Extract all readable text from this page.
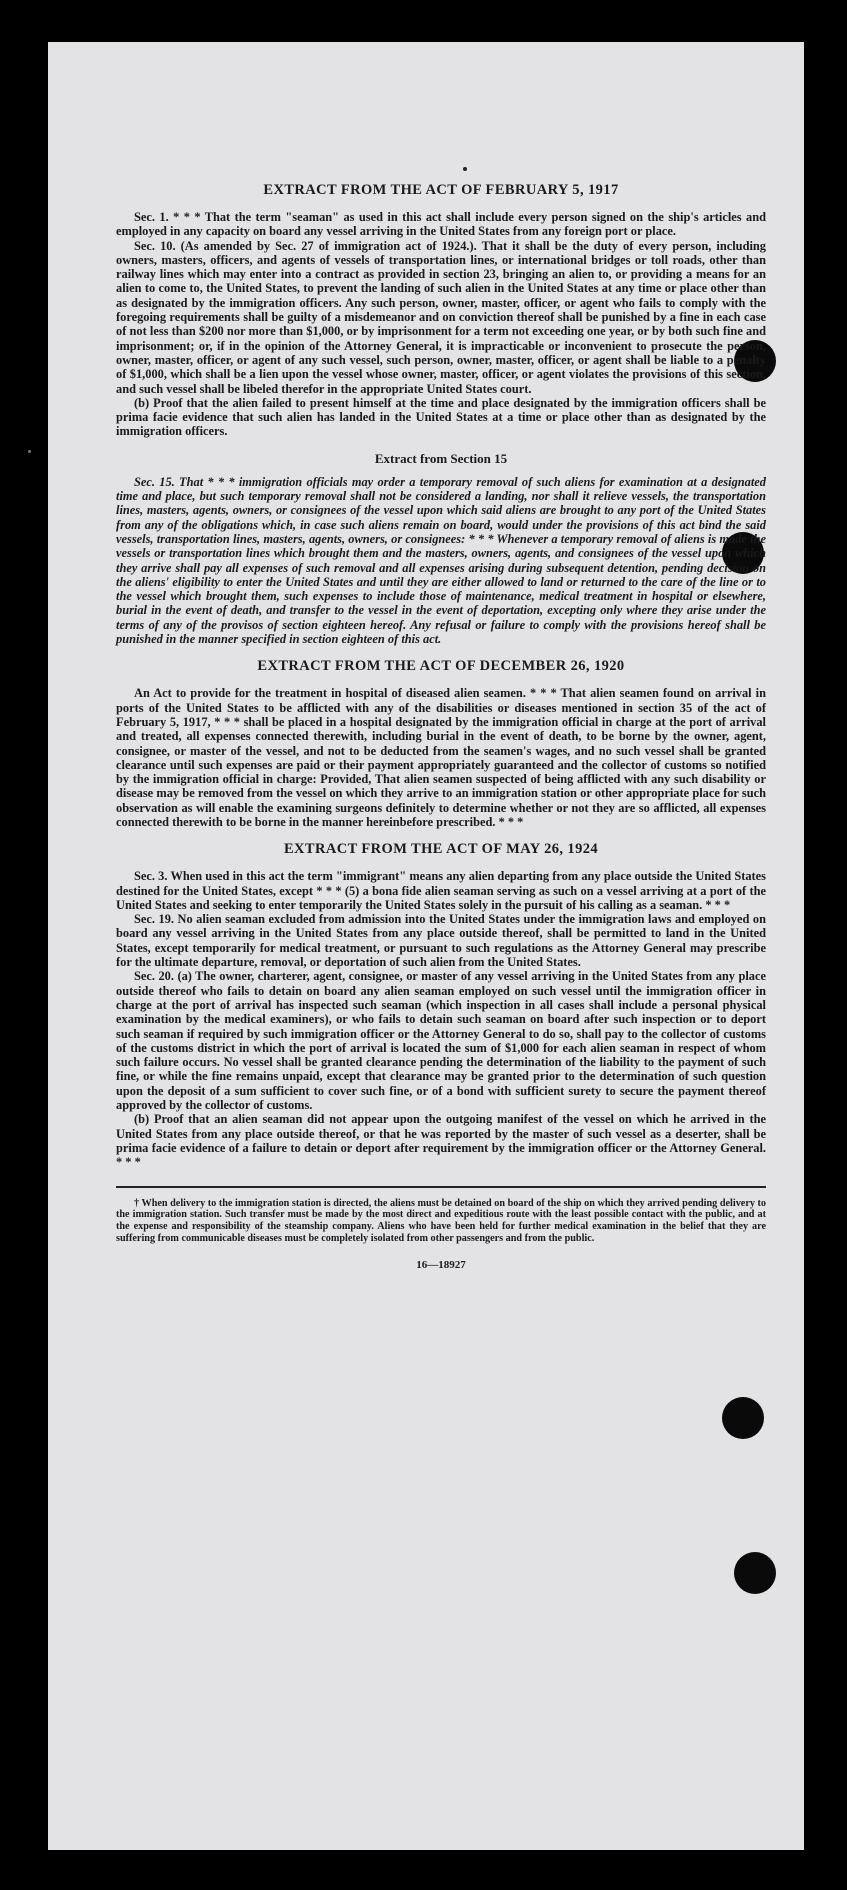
EXTRACT FROM THE ACT OF FEBRUARY 5, 1917

Sec. 1. * * * That the term "seaman" as used in this act shall include every person signed on the ship's articles and employed in any capacity on board any vessel arriving in the United States from any foreign port or place.

Sec. 10. (As amended by Sec. 27 of immigration act of 1924.). That it shall be the duty of every person, including owners, masters, officers, and agents of vessels of transportation lines, or international bridges or toll roads, other than railway lines which may enter into a contract as provided in section 23, bringing an alien to, or providing a means for an alien to come to, the United States, to prevent the landing of such alien in the United States at any time or place other than as designated by the immigration officers. Any such person, owner, master, officer, or agent who fails to comply with the foregoing requirements shall be guilty of a misdemeanor and on conviction thereof shall be punished by a fine in each case of not less than $200 nor more than $1,000, or by imprisonment for a term not exceeding one year, or by both such fine and imprisonment; or, if in the opinion of the Attorney General, it is impracticable or inconvenient to prosecute the person, owner, master, officer, or agent of any such vessel, such person, owner, master, officer, or agent shall be liable to a penalty of $1,000, which shall be a lien upon the vessel whose owner, master, officer, or agent violates the provisions of this section, and such vessel shall be libeled therefor in the appropriate United States court.

(b) Proof that the alien failed to present himself at the time and place designated by the immigration officers shall be prima facie evidence that such alien has landed in the United States at a time or place other than as designated by the immigration officers.

Extract from Section 15

Sec. 15. That * * * immigration officials may order a temporary removal of such aliens for examination at a designated time and place, but such temporary removal shall not be considered a landing, nor shall it relieve vessels, the transportation lines, masters, agents, owners, or consignees of the vessel upon which said aliens are brought to any port of the United States from any of the obligations which, in case such aliens remain on board, would under the provisions of this act bind the said vessels, transportation lines, masters, agents, owners, or consignees: * * * Whenever a temporary removal of aliens is made the vessels or transportation lines which brought them and the masters, owners, agents, and consignees of the vessel upon which they arrive shall pay all expenses of such removal and all expenses arising during subsequent detention, pending decision on the aliens' eligibility to enter the United States and until they are either allowed to land or returned to the care of the line or to the vessel which brought them, such expenses to include those of maintenance, medical treatment in hospital or elsewhere, burial in the event of death, and transfer to the vessel in the event of deportation, excepting only where they arise under the terms of any of the provisos of section eighteen hereof. Any refusal or failure to comply with the provisions hereof shall be punished in the manner specified in section eighteen of this act.

EXTRACT FROM THE ACT OF DECEMBER 26, 1920

An Act to provide for the treatment in hospital of diseased alien seamen. * * * That alien seamen found on arrival in ports of the United States to be afflicted with any of the disabilities or diseases mentioned in section 35 of the act of February 5, 1917, * * * shall be placed in a hospital designated by the immigration official in charge at the port of arrival and treated, all expenses connected therewith, including burial in the event of death, to be borne by the owner, agent, consignee, or master of the vessel, and not to be deducted from the seamen's wages, and no such vessel shall be granted clearance until such expenses are paid or their payment appropriately guaranteed and the collector of customs so notified by the immigration official in charge: Provided, That alien seamen suspected of being afflicted with any such disability or disease may be removed from the vessel on which they arrive to an immigration station or other appropriate place for such observation as will enable the examining surgeons definitely to determine whether or not they are so afflicted, all expenses connected therewith to be borne in the manner hereinbefore prescribed. * * *

EXTRACT FROM THE ACT OF MAY 26, 1924

Sec. 3. When used in this act the term "immigrant" means any alien departing from any place outside the United States destined for the United States, except * * * (5) a bona fide alien seaman serving as such on a vessel arriving at a port of the United States and seeking to enter temporarily the United States solely in the pursuit of his calling as a seaman. * * *

Sec. 19. No alien seaman excluded from admission into the United States under the immigration laws and employed on board any vessel arriving in the United States from any place outside thereof, shall be permitted to land in the United States, except temporarily for medical treatment, or pursuant to such regulations as the Attorney General may prescribe for the ultimate departure, removal, or deportation of such alien from the United States.

Sec. 20. (a) The owner, charterer, agent, consignee, or master of any vessel arriving in the United States from any place outside thereof who fails to detain on board any alien seaman employed on such vessel until the immigration officer in charge at the port of arrival has inspected such seaman (which inspection in all cases shall include a personal physical examination by the medical examiners), or who fails to detain such seaman on board after such inspection or to deport such seaman if required by such immigration officer or the Attorney General to do so, shall pay to the collector of customs of the customs district in which the port of arrival is located the sum of $1,000 for each alien seaman in respect of whom such failure occurs. No vessel shall be granted clearance pending the determination of the liability to the payment of such fine, or while the fine remains unpaid, except that clearance may be granted prior to the determination of such question upon the deposit of a sum sufficient to cover such fine, or of a bond with sufficient surety to secure the payment thereof approved by the collector of customs.

(b) Proof that an alien seaman did not appear upon the outgoing manifest of the vessel on which he arrived in the United States from any place outside thereof, or that he was reported by the master of such vessel as a deserter, shall be prima facie evidence of a failure to detain or deport after requirement by the immigration officer or the Attorney General. * * *

† When delivery to the immigration station is directed, the aliens must be detained on board of the ship on which they arrived pending delivery to the immigration station. Such transfer must be made by the most direct and expeditious route with the least possible contact with the public, and at the expense and responsibility of the steamship company. Aliens who have been held for further medical examination in the belief that they are suffering from communicable diseases must be completely isolated from other passengers and from the public.

16—18927
